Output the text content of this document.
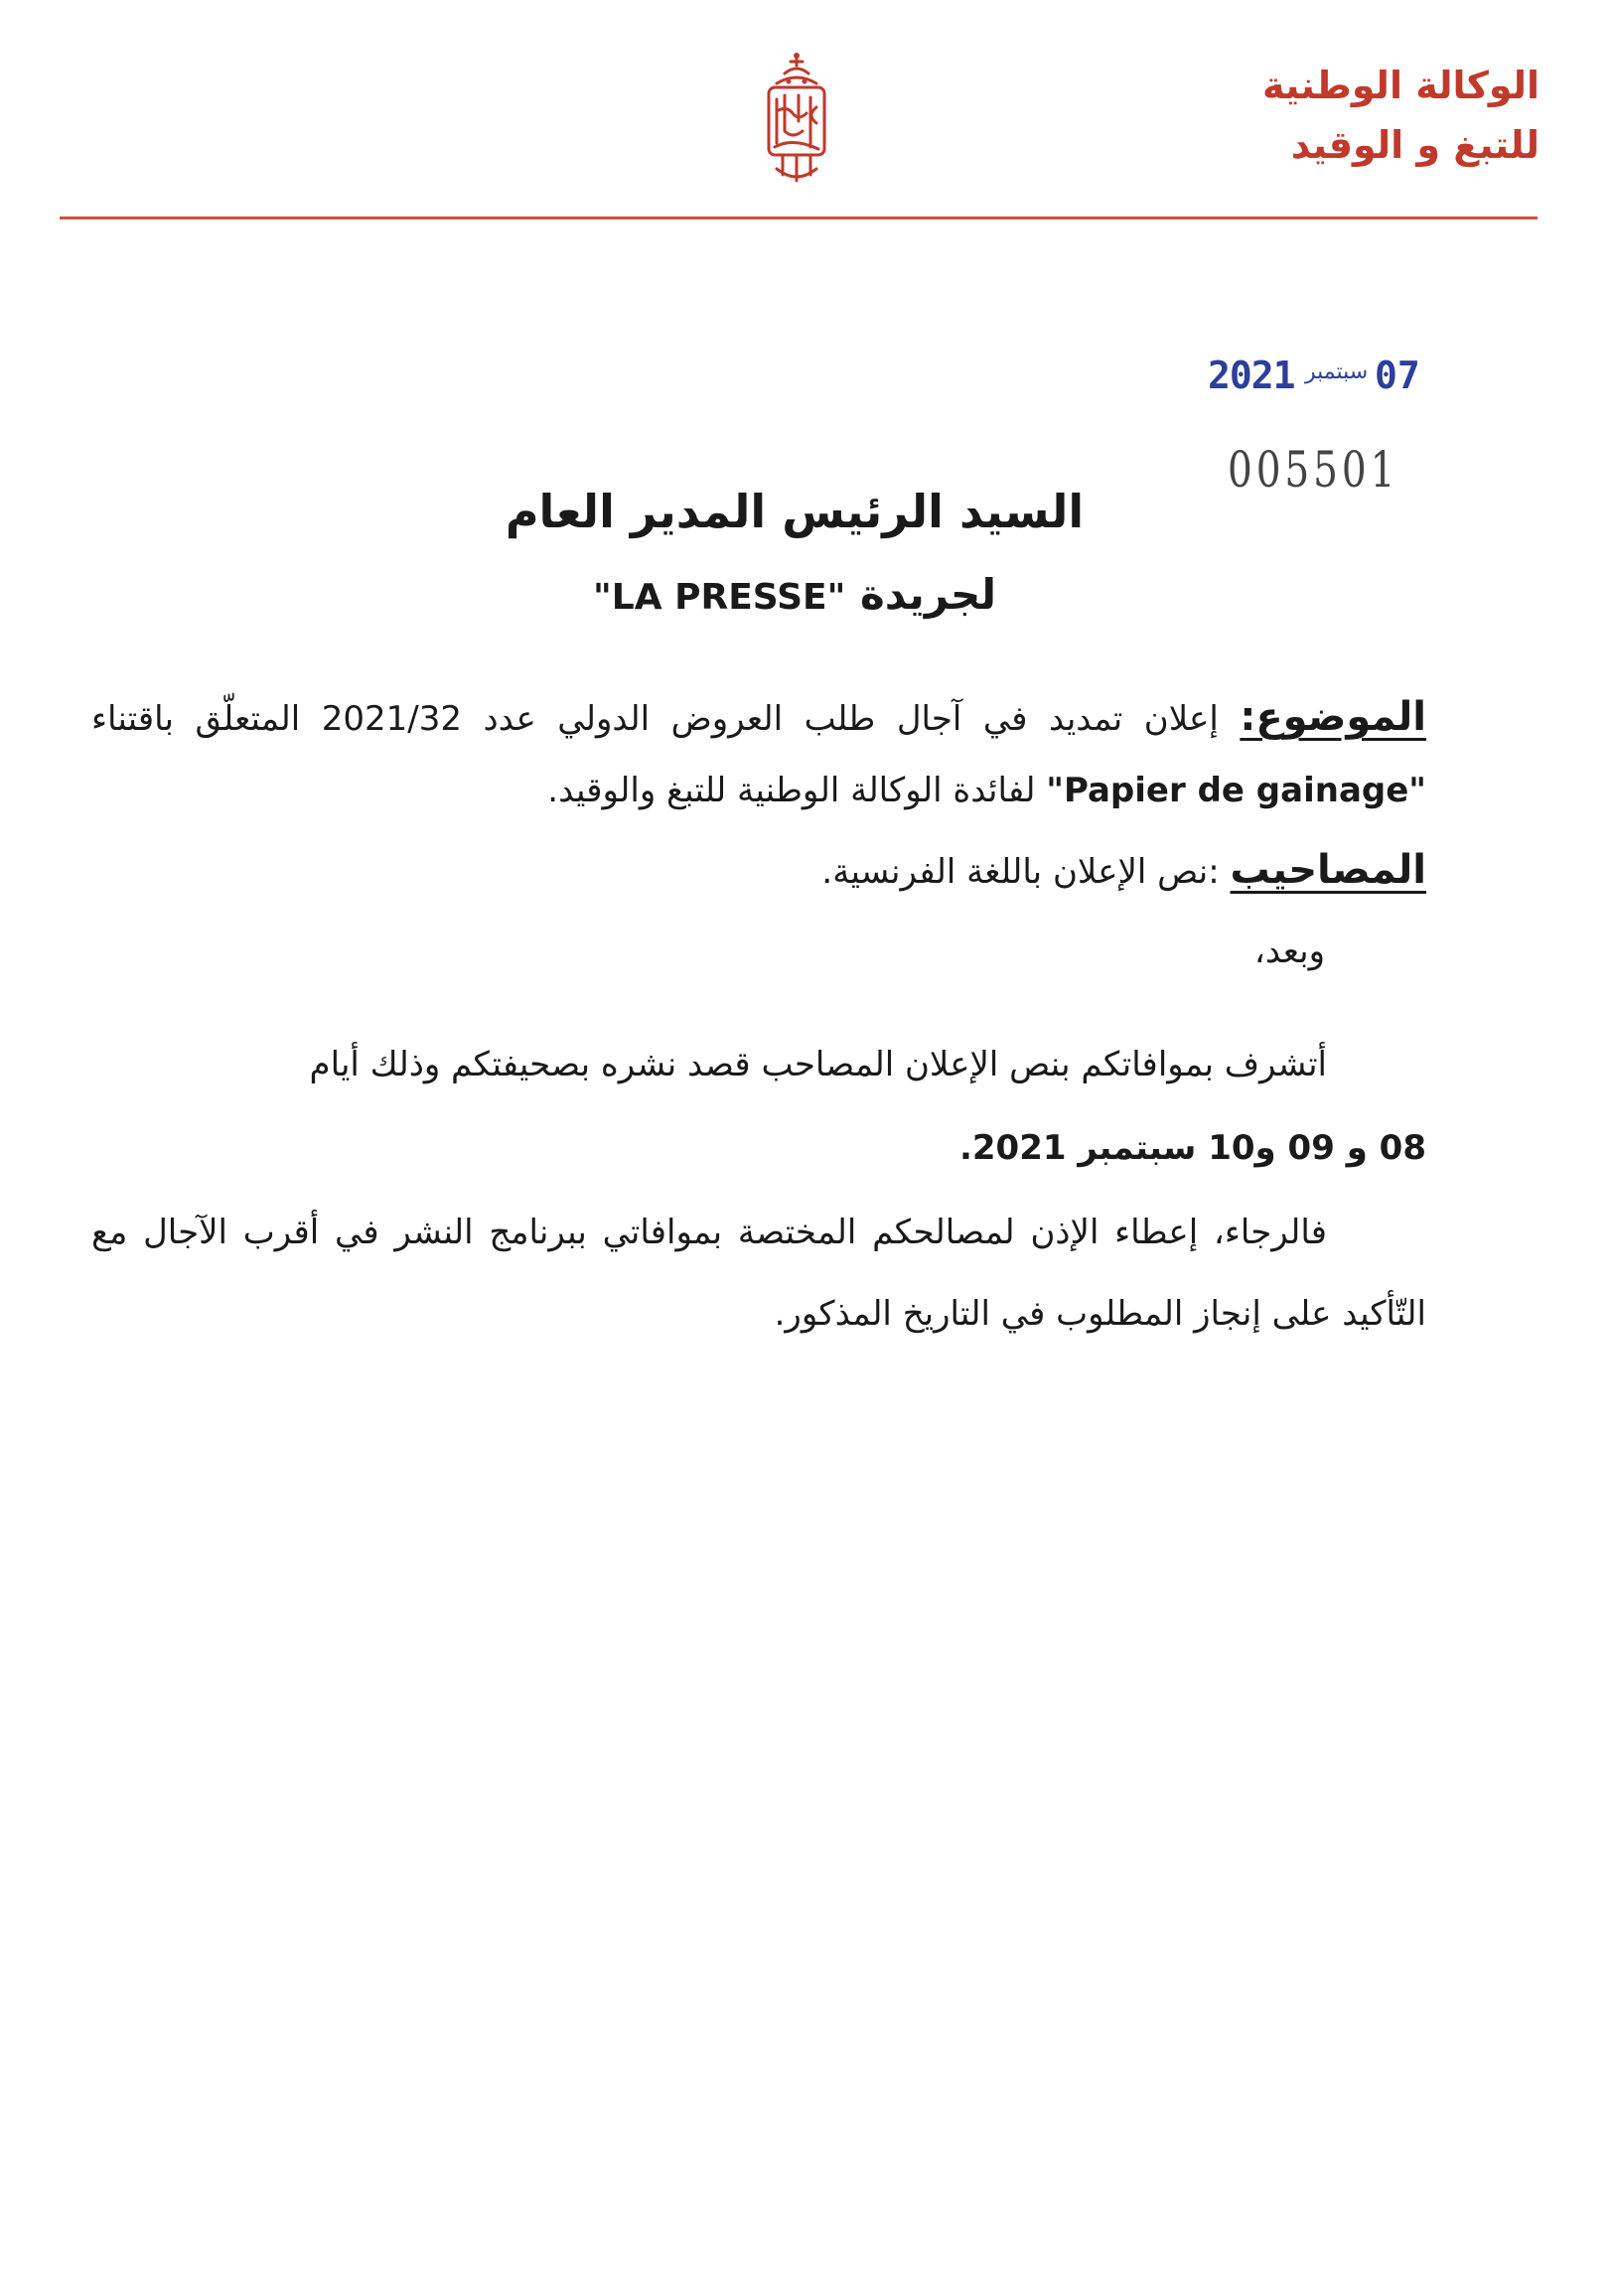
الوكالة الوطنية
للتبغ و الوقيد
2021 سبتمبر 07
005501
السيد الرئيس المدير العام
لجريدة "LA PRESSE"
الموضوع: إعلان تمديد في آجال طلب العروض الدولي عدد 2021/32 المتعلّق باقتناء "Papier de gainage" لفائدة الوكالة الوطنية للتبغ والوقيد.
المصاحيب :نص الإعلان باللغة الفرنسية.
وبعد،
أتشرف بموافاتكم بنص الإعلان المصاحب قصد نشره بصحيفتكم وذلك أيام
08 و 09 و10 سبتمبر 2021.
فالرجاء، إعطاء الإذن لمصالحكم المختصة بموافاتي ببرنامج النشر في أقرب الآجال مع التّأكيد على إنجاز المطلوب في التاريخ المذكور.
